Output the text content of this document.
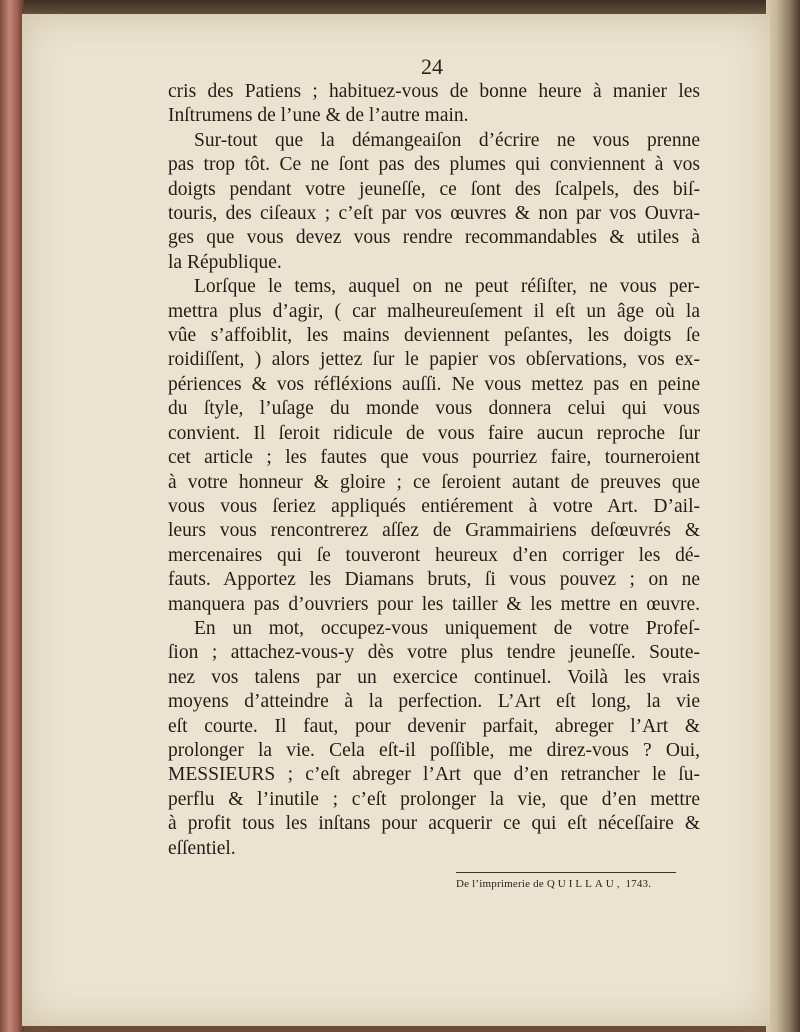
24
cris des Patiens ; habituez-vous de bonne heure à manier les
Inſtrumens de l’une & de l’autre main.
Sur-tout que la démangeaiſon d’écrire ne vous prenne
pas trop tôt. Ce ne ſont pas des plumes qui conviennent à vos
doigts pendant votre jeuneſſe, ce ſont des ſcalpels, des biſ-
touris, des ciſeaux ; c’eſt par vos œuvres & non par vos Ouvra-
ges que vous devez vous rendre recommandables & utiles à
la République.
Lorſque le tems, auquel on ne peut réſiſter, ne vous per-
mettra plus d’agir, ( car malheureuſement il eſt un âge où la
vûe s’affoiblit, les mains deviennent peſantes, les doigts ſe
roidiſſent, ) alors jettez ſur le papier vos obſervations, vos ex-
périences & vos réfléxions auſſi. Ne vous mettez pas en peine
du ſtyle, l’uſage du monde vous donnera celui qui vous
convient. Il ſeroit ridicule de vous faire aucun reproche ſur
cet article ; les fautes que vous pourriez faire, tourneroient
à votre honneur & gloire ; ce ſeroient autant de preuves que
vous vous ſeriez appliqués entiérement à votre Art. D’ail-
leurs vous rencontrerez aſſez de Grammairiens deſœuvrés &
mercenaires qui ſe touveront heureux d’en corriger les dé-
fauts. Apportez les Diamans bruts, ſi vous pouvez ; on ne
manquera pas d’ouvriers pour les tailler & les mettre en œuvre.
En un mot, occupez-vous uniquement de votre Profeſ-
ſion ; attachez-vous-y dès votre plus tendre jeuneſſe. Soute-
nez vos talens par un exercice continuel. Voilà les vrais
moyens d’atteindre à la perfection. L’Art eſt long, la vie
eſt courte. Il faut, pour devenir parfait, abreger l’Art &
prolonger la vie. Cela eſt-il poſſible, me direz-vous ? Oui,
MESSIEURS ; c’eſt abreger l’Art que d’en retrancher le ſu-
perflu & l’inutile ; c’eſt prolonger la vie, que d’en mettre
à profit tous les inſtans pour acquerir ce qui eſt néceſſaire &
eſſentiel.
De l’imprimerie de QUILLAU, 1743.
